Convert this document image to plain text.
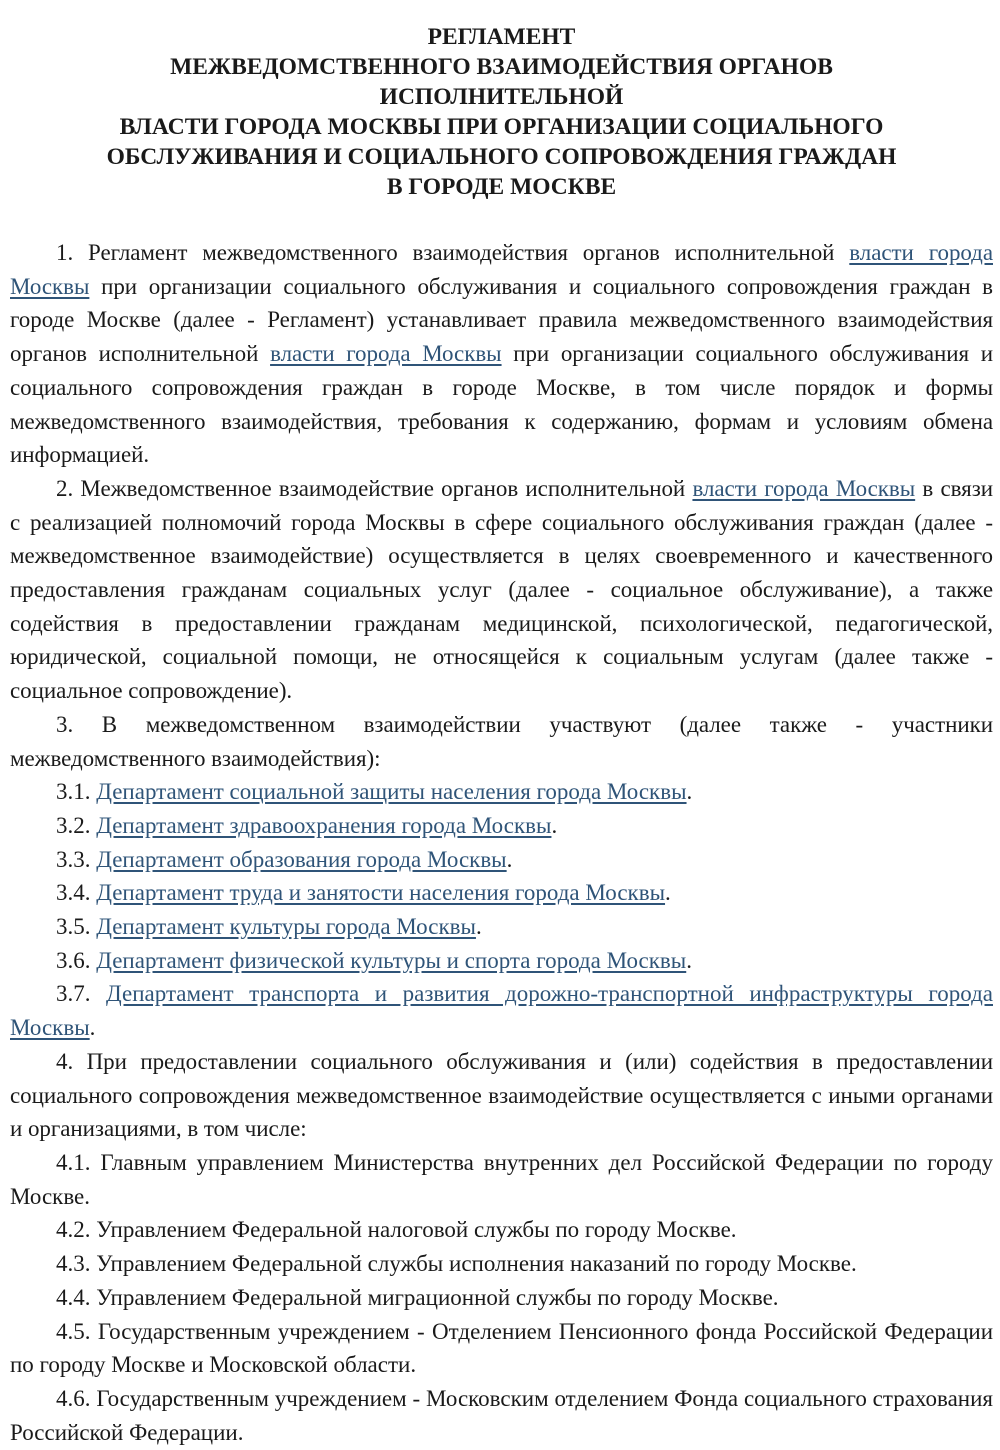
РЕГЛАМЕНТ
МЕЖВЕДОМСТВЕННОГО ВЗАИМОДЕЙСТВИЯ ОРГАНОВ
ИСПОЛНИТЕЛЬНОЙ
ВЛАСТИ ГОРОДА МОСКВЫ ПРИ ОРГАНИЗАЦИИ СОЦИАЛЬНОГО
ОБСЛУЖИВАНИЯ И СОЦИАЛЬНОГО СОПРОВОЖДЕНИЯ ГРАЖДАН
В ГОРОДЕ МОСКВЕ

1. Регламент межведомственного взаимодействия органов исполнительной власти города Москвы при организации социального обслуживания и социального сопровождения граждан в городе Москве (далее - Регламент) устанавливает правила межведомственного взаимодействия органов исполнительной власти города Москвы при организации социального обслуживания и социального сопровождения граждан в городе Москве, в том числе порядок и формы межведомственного взаимодействия, требования к содержанию, формам и условиям обмена информацией.

2. Межведомственное взаимодействие органов исполнительной власти города Москвы в связи с реализацией полномочий города Москвы в сфере социального обслуживания граждан (далее - межведомственное взаимодействие) осуществляется в целях своевременного и качественного предоставления гражданам социальных услуг (далее - социальное обслуживание), а также содействия в предоставлении гражданам медицинской, психологической, педагогической, юридической, социальной помощи, не относящейся к социальным услугам (далее также - социальное сопровождение).

3. В межведомственном взаимодействии участвуют (далее также - участники межведомственного взаимодействия):

3.1. Департамент социальной защиты населения города Москвы.

3.2. Департамент здравоохранения города Москвы.

3.3. Департамент образования города Москвы.

3.4. Департамент труда и занятости населения города Москвы.

3.5. Департамент культуры города Москвы.

3.6. Департамент физической культуры и спорта города Москвы.

3.7. Департамент транспорта и развития дорожно-транспортной инфраструктуры города Москвы.

4. При предоставлении социального обслуживания и (или) содействия в предоставлении социального сопровождения межведомственное взаимодействие осуществляется с иными органами и организациями, в том числе:

4.1. Главным управлением Министерства внутренних дел Российской Федерации по городу Москве.

4.2. Управлением Федеральной налоговой службы по городу Москве.

4.3. Управлением Федеральной службы исполнения наказаний по городу Москве.

4.4. Управлением Федеральной миграционной службы по городу Москве.

4.5. Государственным учреждением - Отделением Пенсионного фонда Российской Федерации по городу Москве и Московской области.

4.6. Государственным учреждением - Московским отделением Фонда социального страхования Российской Федерации.
